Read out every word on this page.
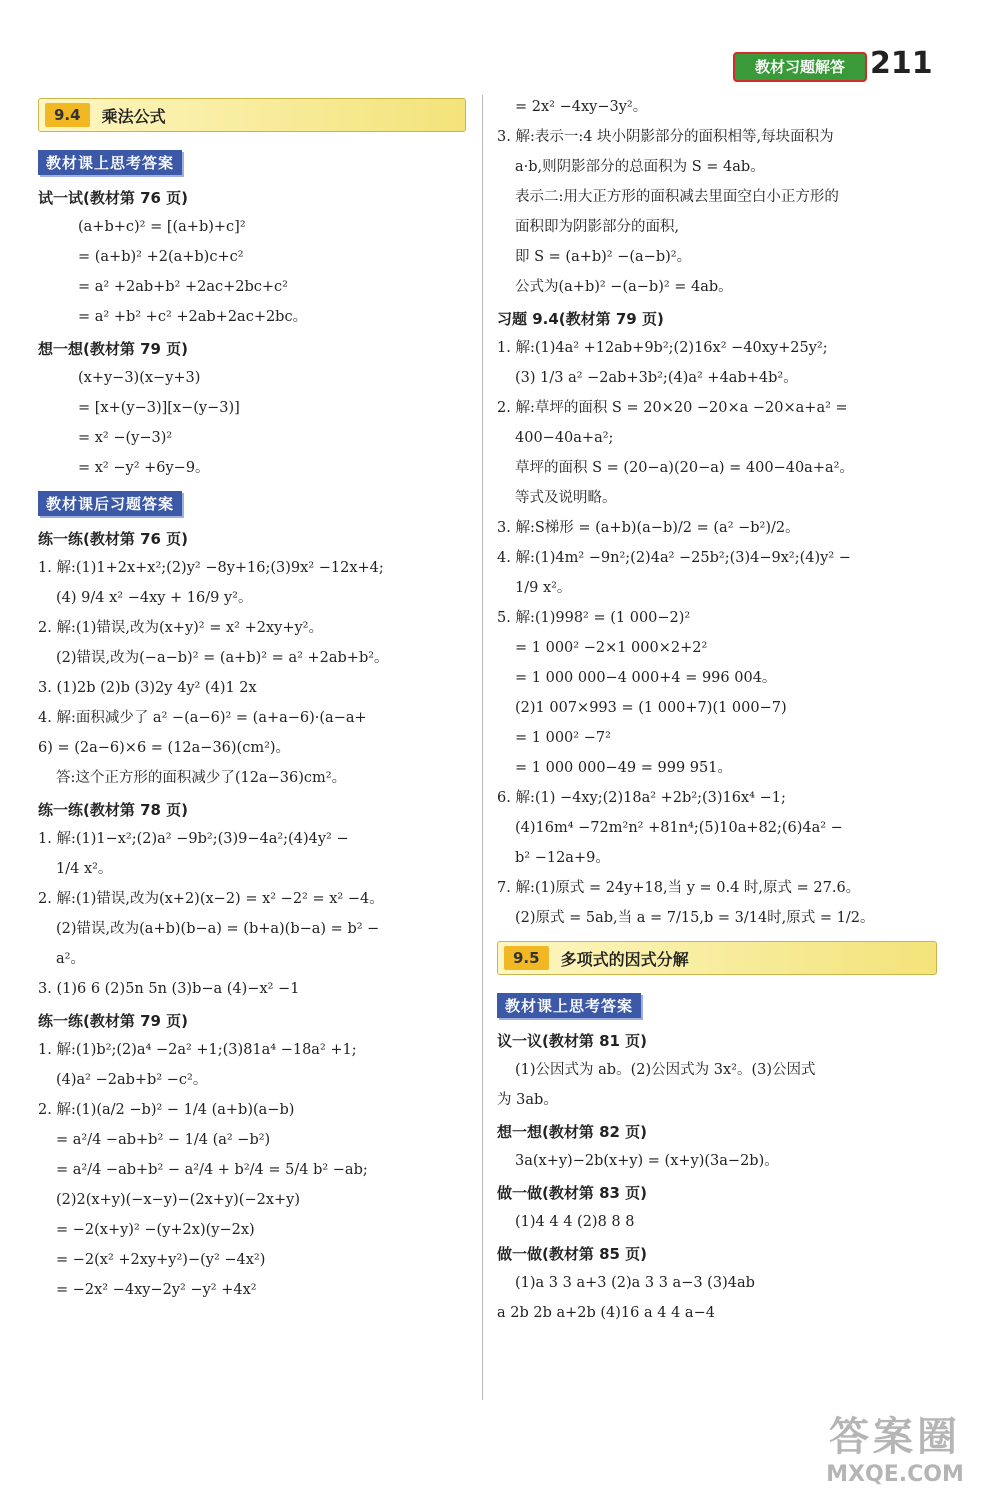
教材习题解答 211
9.4	乘法公式
教材课上思考答案
试一试(教材第 76 页)
(a+b+c)² = [(a+b)+c]²
= (a+b)² +2(a+b)c+c²
= a² +2ab+b² +2ac+2bc+c²
= a² +b² +c² +2ab+2ac+2bc。
想一想(教材第 79 页)
(x+y−3)(x−y+3)
= [x+(y−3)][x−(y−3)]
= x² −(y−3)²
= x² −y² +6y−9。
教材课后习题答案
练一练(教材第 76 页)
1. 解:(1)1+2x+x²;(2)y² −8y+16;(3)9x² −12x+4;
(4) 9/4 x² −4xy + 16/9 y²。
2. 解:(1)错误,改为(x+y)² = x² +2xy+y²。
(2)错误,改为(−a−b)² = (a+b)² = a² +2ab+b²。
3. (1)2b (2)b (3)2y 4y² (4)1 2x
4. 解:面积减少了 a² −(a−6)² = (a+a−6)·(a−a+
6) = (2a−6)×6 = (12a−36)(cm²)。
答:这个正方形的面积减少了(12a−36)cm²。
练一练(教材第 78 页)
1. 解:(1)1−x²;(2)a² −9b²;(3)9−4a²;(4)4y² −
1/4 x²。
2. 解:(1)错误,改为(x+2)(x−2) = x² −2² = x² −4。
(2)错误,改为(a+b)(b−a) = (b+a)(b−a) = b² −
a²。
3. (1)6 6 (2)5n 5n (3)b−a (4)−x² −1
练一练(教材第 79 页)
1. 解:(1)b²;(2)a⁴ −2a² +1;(3)81a⁴ −18a² +1;
(4)a² −2ab+b² −c²。
2. 解:(1)(a/2 −b)² − 1/4 (a+b)(a−b)
= a²/4 −ab+b² − 1/4 (a² −b²)
= a²/4 −ab+b² − a²/4 + b²/4 = 5/4 b² −ab;
(2)2(x+y)(−x−y)−(2x+y)(−2x+y)
= −2(x+y)² −(y+2x)(y−2x)
= −2(x² +2xy+y²)−(y² −4x²)
= −2x² −4xy−2y² −y² +4x²
= 2x² −4xy−3y²。
3. 解:表示一:4 块小阴影部分的面积相等,每块面积为
a·b,则阴影部分的总面积为 S = 4ab。
表示二:用大正方形的面积减去里面空白小正方形的
面积即为阴影部分的面积,
即 S = (a+b)² −(a−b)²。
公式为(a+b)² −(a−b)² = 4ab。
习题 9.4(教材第 79 页)
1. 解:(1)4a² +12ab+9b²;(2)16x² −40xy+25y²;
(3) 1/3 a² −2ab+3b²;(4)a² +4ab+4b²。
2. 解:草坪的面积 S = 20×20 −20×a −20×a+a² =
400−40a+a²;
草坪的面积 S = (20−a)(20−a) = 400−40a+a²。
等式及说明略。
3. 解:S梯形 = (a+b)(a−b)/2 = (a² −b²)/2。
4. 解:(1)4m² −9n²;(2)4a² −25b²;(3)4−9x²;(4)y² −
1/9 x²。
5. 解:(1)998² = (1 000−2)²
= 1 000² −2×1 000×2+2²
= 1 000 000−4 000+4 = 996 004。
(2)1 007×993 = (1 000+7)(1 000−7)
= 1 000² −7²
= 1 000 000−49 = 999 951。
6. 解:(1) −4xy;(2)18a² +2b²;(3)16x⁴ −1;
(4)16m⁴ −72m²n² +81n⁴;(5)10a+82;(6)4a² −
b² −12a+9。
7. 解:(1)原式 = 24y+18,当 y = 0.4 时,原式 = 27.6。
(2)原式 = 5ab,当 a = 7/15,b = 3/14时,原式 = 1/2。
9.5	多项式的因式分解
教材课上思考答案
议一议(教材第 81 页)
(1)公因式为 ab。(2)公因式为 3x²。(3)公因式
为 3ab。
想一想(教材第 82 页)
3a(x+y)−2b(x+y) = (x+y)(3a−2b)。
做一做(教材第 83 页)
(1)4 4 4 (2)8 8 8
做一做(教材第 85 页)
(1)a 3 3 a+3 (2)a 3 3 a−3 (3)4ab
a 2b 2b a+2b (4)16 a 4 4 a−4
答案圈
MXQE.COM
